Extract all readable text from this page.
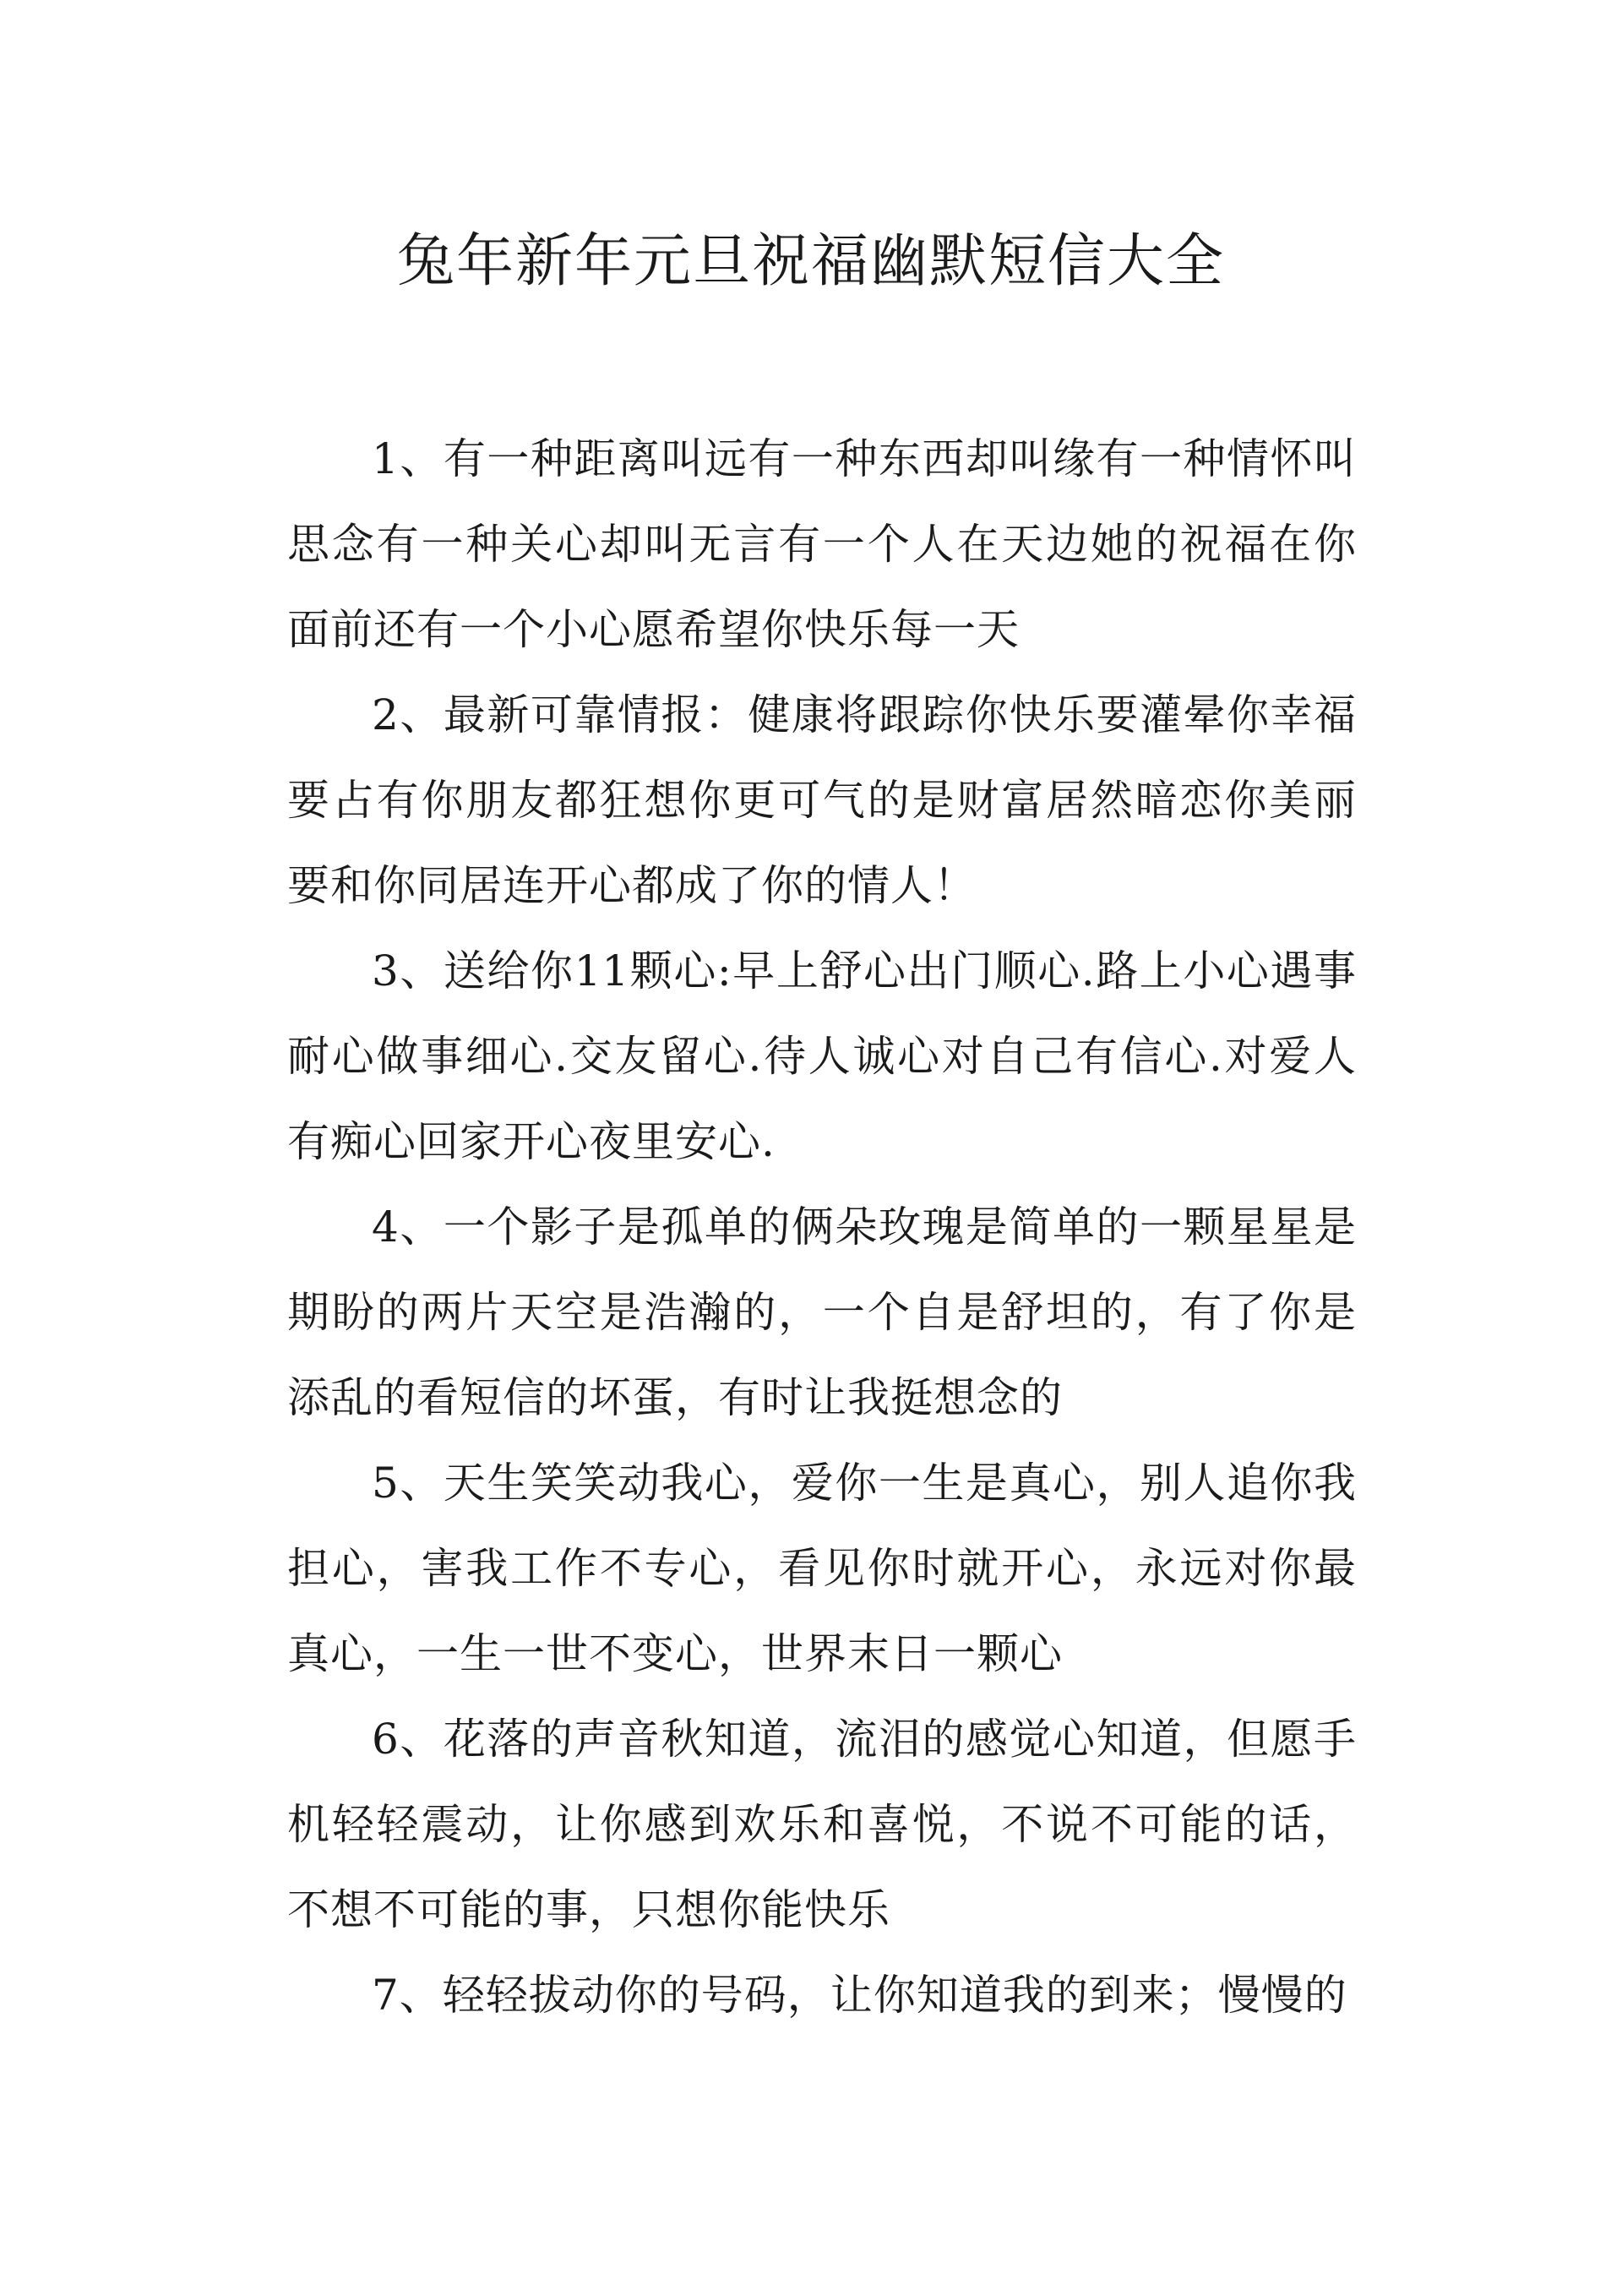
兔年新年元旦祝福幽默短信大全

1、有一种距离叫远有一种东西却叫缘有一种情怀叫思念有一种关心却叫无言有一个人在天边她的祝福在你面前还有一个小心愿希望你快乐每一天

2、最新可靠情报：健康将跟踪你快乐要灌晕你幸福要占有你朋友都狂想你更可气的是财富居然暗恋你美丽要和你同居连开心都成了你的情人！

3、送给你11颗心:早上舒心出门顺心.路上小心遇事耐心做事细心.交友留心.待人诚心对自己有信心.对爱人有痴心回家开心夜里安心.

4、一个影子是孤单的俩朵玫瑰是简单的一颗星星是期盼的两片天空是浩瀚的，一个自是舒坦的，有了你是添乱的看短信的坏蛋，有时让我挺想念的

5、天生笑笑动我心，爱你一生是真心，别人追你我担心，害我工作不专心，看见你时就开心，永远对你最真心，一生一世不变心，世界末日一颗心

6、花落的声音秋知道，流泪的感觉心知道，但愿手机轻轻震动，让你感到欢乐和喜悦，不说不可能的话，不想不可能的事，只想你能快乐

7、轻轻拔动你的号码，让你知道我的到来；慢慢的
